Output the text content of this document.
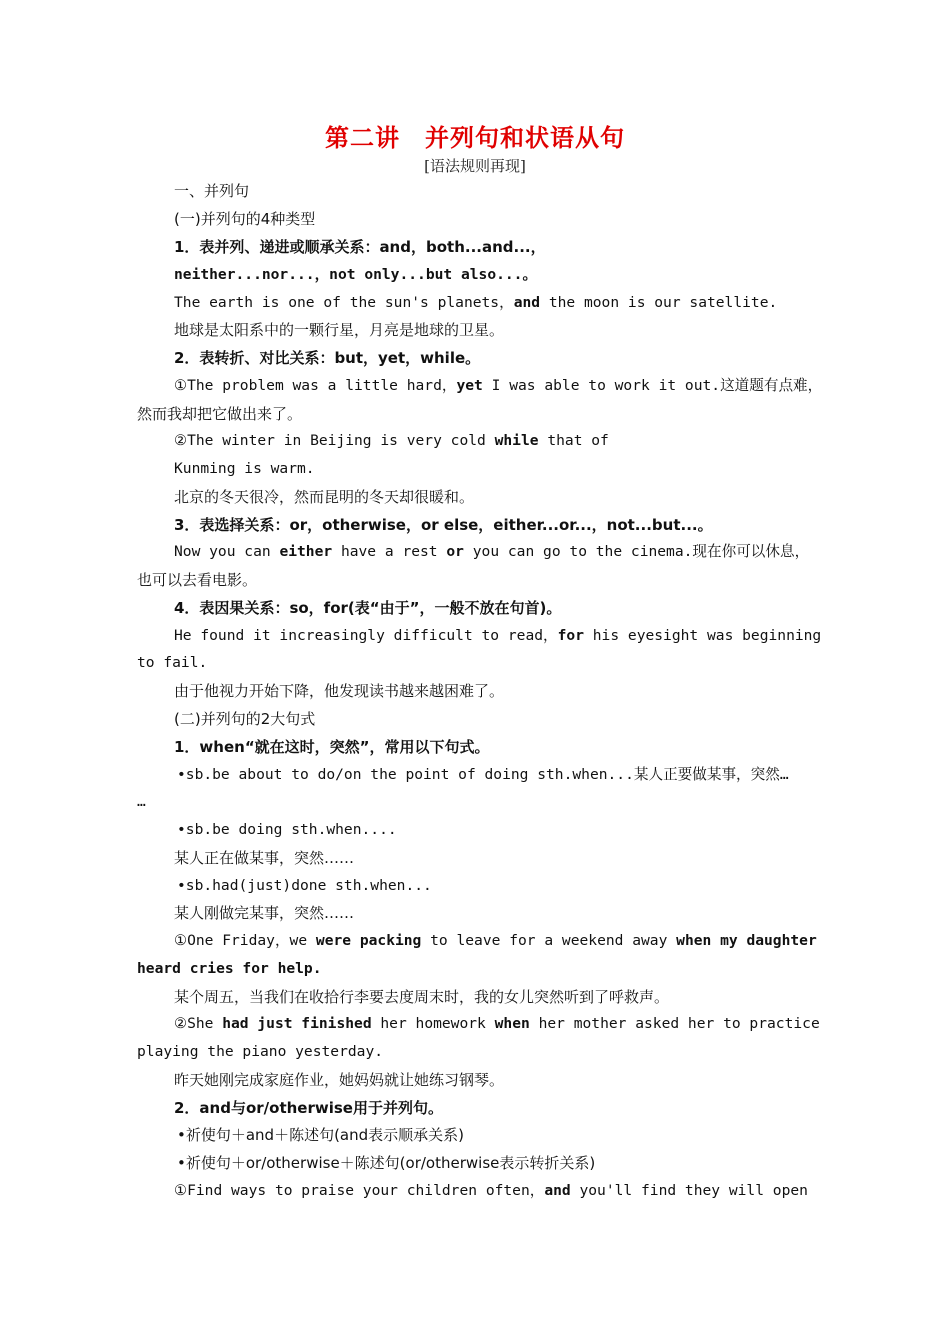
第二讲　并列句和状语从句
[语法规则再现]
一、并列句
(一)并列句的4种类型
1．表并列、递进或顺承关系：and，both...and...，
neither...nor...，not only...but also...。
The earth is one of the sun's planets，and the moon is our satellite.
地球是太阳系中的一颗行星，月亮是地球的卫星。
2．表转折、对比关系：but，yet，while。
①The problem was a little hard，yet I was able to work it out.这道题有点难，
然而我却把它做出来了。
②The winter in Beijing is very cold while that of
Kunming is warm.
北京的冬天很冷，然而昆明的冬天却很暖和。
3．表选择关系：or，otherwise，or else，either...or...，not...but...。
Now you can either have a rest or you can go to the cinema.现在你可以休息，
也可以去看电影。
4．表因果关系：so，for(表“由于”，一般不放在句首)。
He found it increasingly difficult to read，for his eyesight was beginning
to fail.
由于他视力开始下降，他发现读书越来越困难了。
(二)并列句的2大句式
1．when“就在这时，突然”，常用以下句式。
•sb.be about to do/on the point of doing sth.when...某人正要做某事，突然…
…
•sb.be doing sth.when....
某人正在做某事，突然……
•sb.had(just)done sth.when...
某人刚做完某事，突然……
①One Friday，we were packing to leave for a weekend away when my daughter
heard cries for help.
某个周五，当我们在收拾行李要去度周末时，我的女儿突然听到了呼救声。
②She had just finished her homework when her mother asked her to practice
playing the piano yesterday.
昨天她刚完成家庭作业，她妈妈就让她练习钢琴。
2．and与or/otherwise用于并列句。
•祈使句＋and＋陈述句(and表示顺承关系)
•祈使句＋or/otherwise＋陈述句(or/otherwise表示转折关系)
①Find ways to praise your children often，and you'll find they will open
